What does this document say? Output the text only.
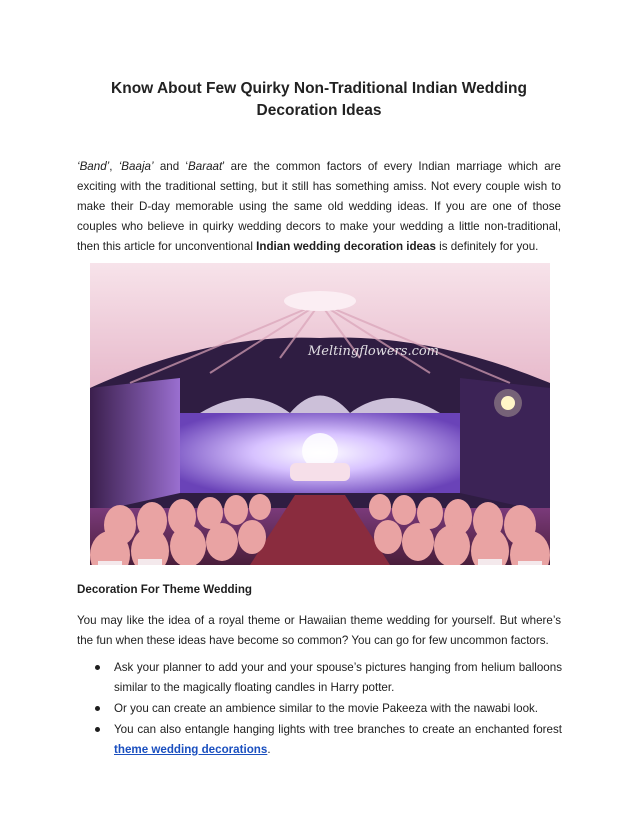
Know About Few Quirky Non-Traditional Indian Wedding Decoration Ideas

‘Band’, ‘Baaja’ and ‘Baraat’ are the common factors of every Indian marriage which are exciting with the traditional setting, but it still has something amiss. Not every couple wish to make their D-day memorable using the same old wedding ideas. If you are one of those couples who believe in quirky wedding decors to make your wedding a little non-traditional, then this article for unconventional Indian wedding decoration ideas is definitely for you.

Meltingflowers.com
Decoration For Theme Wedding

You may like the idea of a royal theme or Hawaiian theme wedding for yourself. But where’s the fun when these ideas have become so common? You can go for few uncommon factors.

Ask your planner to add your and your spouse’s pictures hanging from helium balloons similar to the magically floating candles in Harry potter.
Or you can create an ambience similar to the movie Pakeeza with the nawabi look.
You can also entangle hanging lights with tree branches to create an enchanted forest theme wedding decorations.
